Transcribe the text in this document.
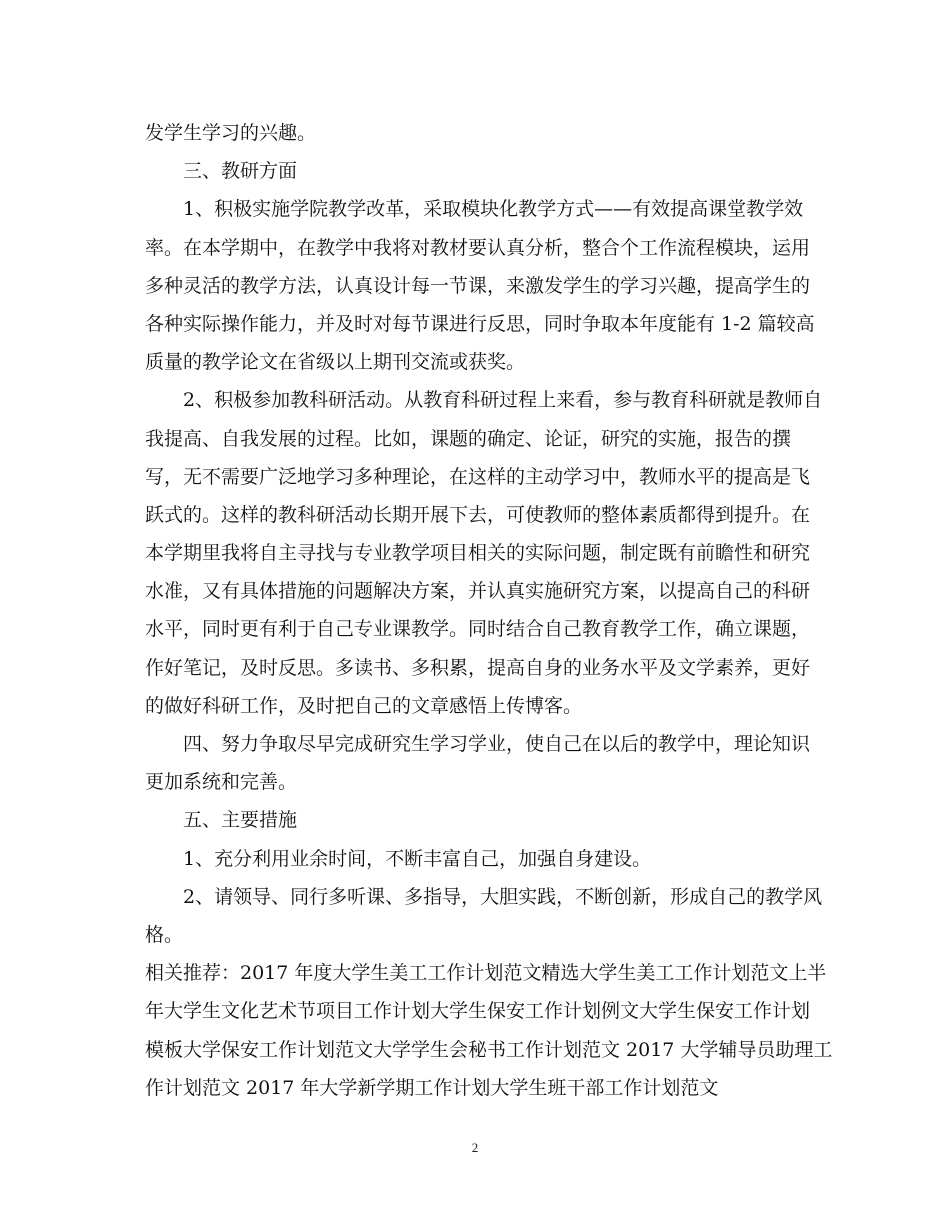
发学生学习的兴趣。
三、教研方面
1、积极实施学院教学改革，采取模块化教学方式——有效提高课堂教学效
率。在本学期中，在教学中我将对教材要认真分析，整合个工作流程模块，运用
多种灵活的教学方法，认真设计每一节课，来激发学生的学习兴趣，提高学生的
各种实际操作能力，并及时对每节课进行反思，同时争取本年度能有 1-2 篇较高
质量的教学论文在省级以上期刊交流或获奖。
2、积极参加教科研活动。从教育科研过程上来看，参与教育科研就是教师自
我提高、自我发展的过程。比如，课题的确定、论证，研究的实施，报告的撰
写，无不需要广泛地学习多种理论，在这样的主动学习中，教师水平的提高是飞
跃式的。这样的教科研活动长期开展下去，可使教师的整体素质都得到提升。在
本学期里我将自主寻找与专业教学项目相关的实际问题，制定既有前瞻性和研究
水准，又有具体措施的问题解决方案，并认真实施研究方案，以提高自己的科研
水平，同时更有利于自己专业课教学。同时结合自己教育教学工作，确立课题，
作好笔记，及时反思。多读书、多积累，提高自身的业务水平及文学素养，更好
的做好科研工作，及时把自己的文章感悟上传博客。
四、努力争取尽早完成研究生学习学业，使自己在以后的教学中，理论知识
更加系统和完善。
五、主要措施
1、充分利用业余时间，不断丰富自己，加强自身建设。
2、请领导、同行多听课、多指导，大胆实践，不断创新，形成自己的教学风
格。
相关推荐：2017 年度大学生美工工作计划范文精选大学生美工工作计划范文上半
年大学生文化艺术节项目工作计划大学生保安工作计划例文大学生保安工作计划
模板大学保安工作计划范文大学学生会秘书工作计划范文 2017 大学辅导员助理工
作计划范文 2017 年大学新学期工作计划大学生班干部工作计划范文
2
